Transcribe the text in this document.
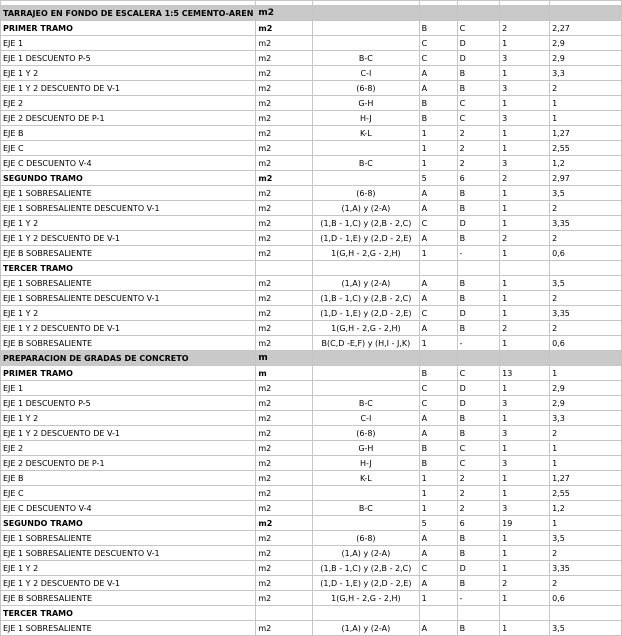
TARRAJEO EN FONDO DE ESCALERA 1:5 CEMENTO-AREN	m2					
PRIMER TRAMO	m2		B	C	2	2,27
EJE 1	m2		C	D	1	2,9
EJE 1 DESCUENTO P-5	m2	B-C	C	D	3	2,9
EJE 1 Y 2	m2	C-I	A	B	1	3,3
EJE 1 Y 2 DESCUENTO DE V-1	m2	(6-8)	A	B	3	2
EJE 2	m2	G-H	B	C	1	1
EJE 2 DESCUENTO DE P-1	m2	H-J	B	C	3	1
EJE B	m2	K-L	1	2	1	1,27
EJE C	m2		1	2	1	2,55
EJE C DESCUENTO V-4	m2	B-C	1	2	3	1,2
SEGUNDO TRAMO	m2		5	6	2	2,97
EJE 1 SOBRESALIENTE	m2	(6-8)	A	B	1	3,5
EJE 1 SOBRESALIENTE DESCUENTO V-1	m2	(1,A) y (2-A)	A	B	1	2
EJE 1 Y 2	m2	(1,B - 1,C) y (2,B - 2,C)	C	D	1	3,35
EJE 1 Y 2 DESCUENTO DE V-1	m2	(1,D - 1,E) y (2,D - 2,E)	A	B	2	2
EJE B SOBRESALIENTE	m2	1(G,H - 2,G - 2,H)	1	-	1	0,6
TERCER TRAMO						
EJE 1 SOBRESALIENTE	m2	(1,A) y (2-A)	A	B	1	3,5
EJE 1 SOBRESALIENTE DESCUENTO V-1	m2	(1,B - 1,C) y (2,B - 2,C)	A	B	1	2
EJE 1 Y 2	m2	(1,D - 1,E) y (2,D - 2,E)	C	D	1	3,35
EJE 1 Y 2 DESCUENTO DE V-1	m2	1(G,H - 2,G - 2,H)	A	B	2	2
EJE B SOBRESALIENTE	m2	B(C,D -E,F) y (H,I - J,K)	1	-	1	0,6
PREPARACION DE GRADAS DE CONCRETO	m					
PRIMER TRAMO	m		B	C	13	1
EJE 1	m2		C	D	1	2,9
EJE 1 DESCUENTO P-5	m2	B-C	C	D	3	2,9
EJE 1 Y 2	m2	C-I	A	B	1	3,3
EJE 1 Y 2 DESCUENTO DE V-1	m2	(6-8)	A	B	3	2
EJE 2	m2	G-H	B	C	1	1
EJE 2 DESCUENTO DE P-1	m2	H-J	B	C	3	1
EJE B	m2	K-L	1	2	1	1,27
EJE C	m2		1	2	1	2,55
EJE C DESCUENTO V-4	m2	B-C	1	2	3	1,2
SEGUNDO TRAMO	m2		5	6	19	1
EJE 1 SOBRESALIENTE	m2	(6-8)	A	B	1	3,5
EJE 1 SOBRESALIENTE DESCUENTO V-1	m2	(1,A) y (2-A)	A	B	1	2
EJE 1 Y 2	m2	(1,B - 1,C) y (2,B - 2,C)	C	D	1	3,35
EJE 1 Y 2 DESCUENTO DE V-1	m2	(1,D - 1,E) y (2,D - 2,E)	A	B	2	2
EJE B SOBRESALIENTE	m2	1(G,H - 2,G - 2,H)	1	-	1	0,6
TERCER TRAMO						
EJE 1 SOBRESALIENTE	m2	(1,A) y (2-A)	A	B	1	3,5
